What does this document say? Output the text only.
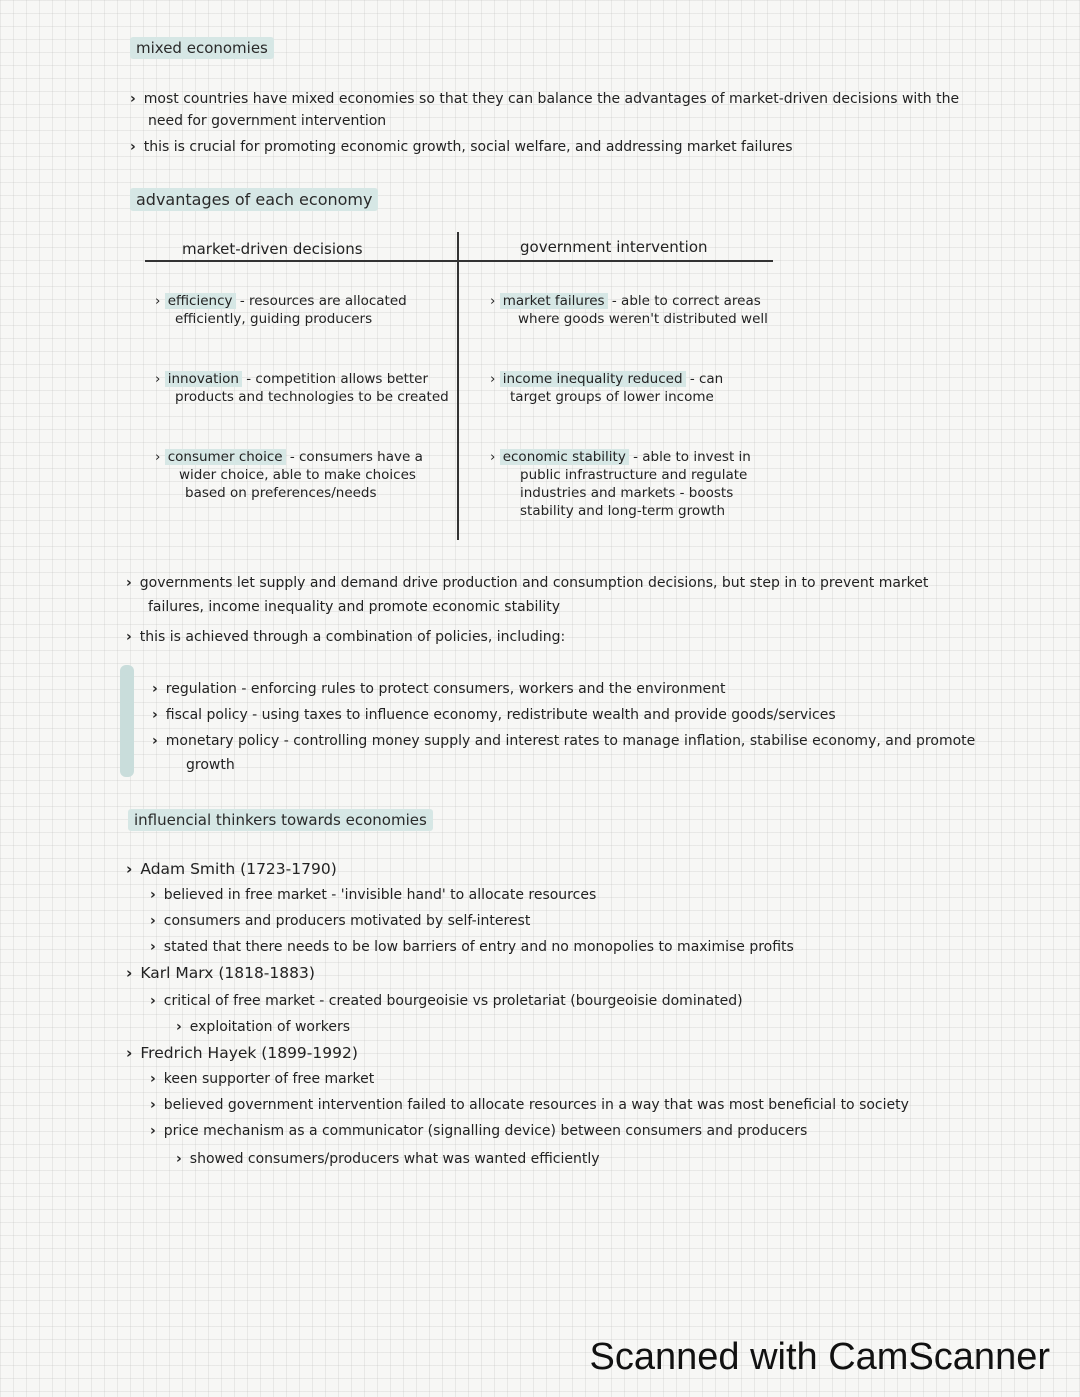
mixed economies
› most countries have mixed economies so that they can balance the advantages of market-driven decisions with the
need for government intervention
› this is crucial for promoting economic growth, social welfare, and addressing market failures
advantages of each economy
market-driven decisions	government intervention
› efficiency - resources are allocated
efficiently, guiding producers
› innovation - competition allows better
products and technologies to be created
› consumer choice - consumers have a
wider choice, able to make choices
based on preferences/needs
› market failures - able to correct areas
where goods weren't distributed well
› income inequality reduced - can
target groups of lower income
› economic stability - able to invest in
public infrastructure and regulate
industries and markets - boosts
stability and long-term growth
› governments let supply and demand drive production and consumption decisions, but step in to prevent market
failures, income inequality and promote economic stability
› this is achieved through a combination of policies, including:
› regulation - enforcing rules to protect consumers, workers and the environment
› fiscal policy - using taxes to influence economy, redistribute wealth and provide goods/services
› monetary policy - controlling money supply and interest rates to manage inflation, stabilise economy, and promote
growth
influencial thinkers towards economies
› Adam Smith (1723-1790)
› believed in free market - 'invisible hand' to allocate resources
› consumers and producers motivated by self-interest
› stated that there needs to be low barriers of entry and no monopolies to maximise profits
› Karl Marx (1818-1883)
› critical of free market - created bourgeoisie vs proletariat (bourgeoisie dominated)
› exploitation of workers
› Fredrich Hayek (1899-1992)
› keen supporter of free market
› believed government intervention failed to allocate resources in a way that was most beneficial to society
› price mechanism as a communicator (signalling device) between consumers and producers
› showed consumers/producers what was wanted efficiently
Scanned with CamScanner
